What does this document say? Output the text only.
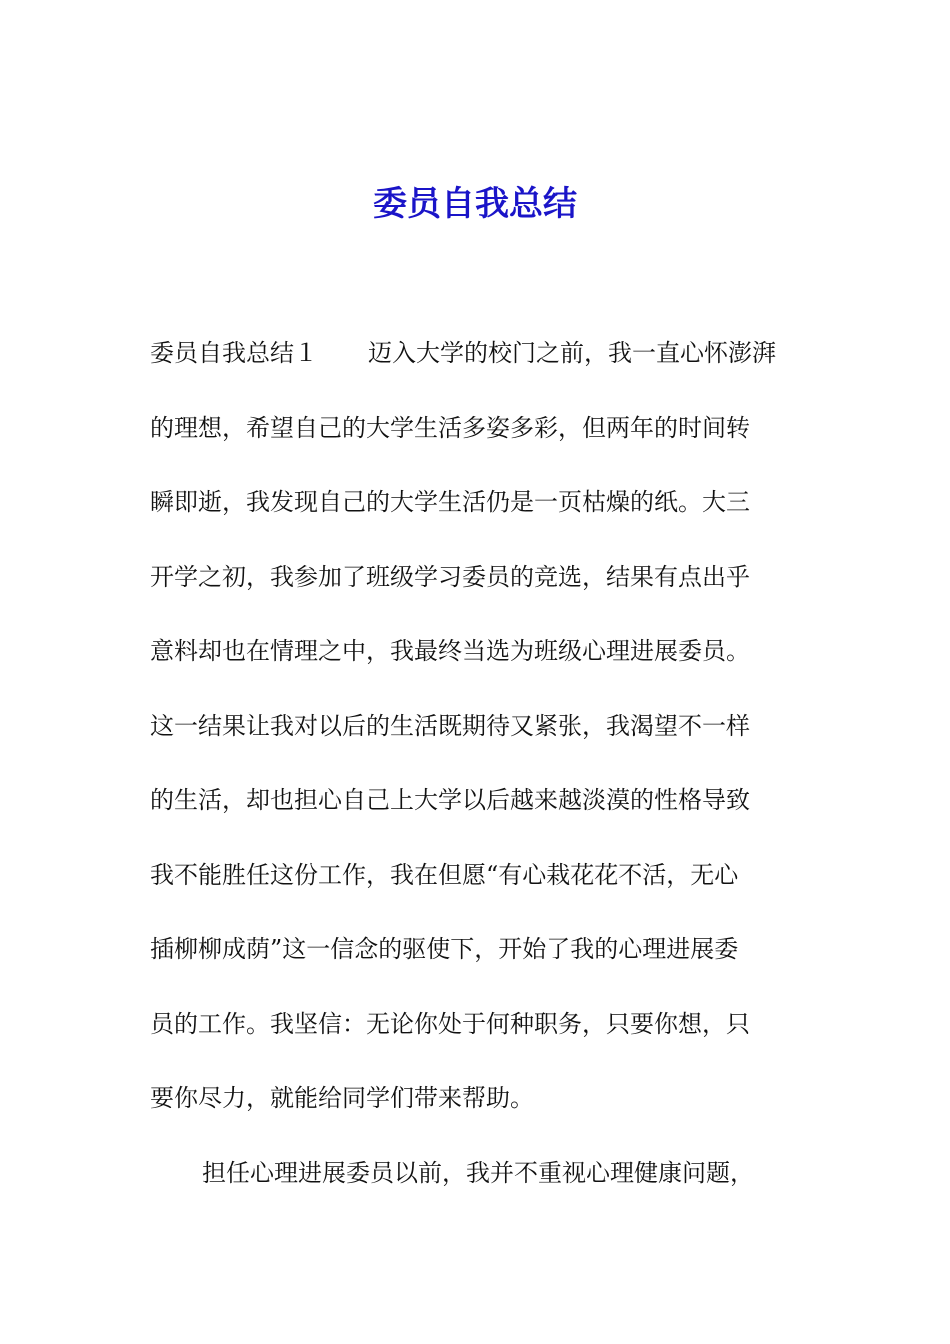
委员自我总结
委员自我总结１ 迈入大学的校门之前，我一直心怀澎湃
的理想，希望自己的大学生活多姿多彩，但两年的时间转
瞬即逝，我发现自己的大学生活仍是一页枯燥的纸。大三
开学之初，我参加了班级学习委员的竞选，结果有点出乎
意料却也在情理之中，我最终当选为班级心理进展委员。
这一结果让我对以后的生活既期待又紧张，我渴望不一样
的生活，却也担心自己上大学以后越来越淡漠的性格导致
我不能胜任这份工作，我在但愿“有心栽花花不活，无心
插柳柳成荫”这一信念的驱使下，开始了我的心理进展委
员的工作。我坚信：无论你处于何种职务，只要你想，只
要你尽力，就能给同学们带来帮助。
担任心理进展委员以前，我并不重视心理健康问题，
